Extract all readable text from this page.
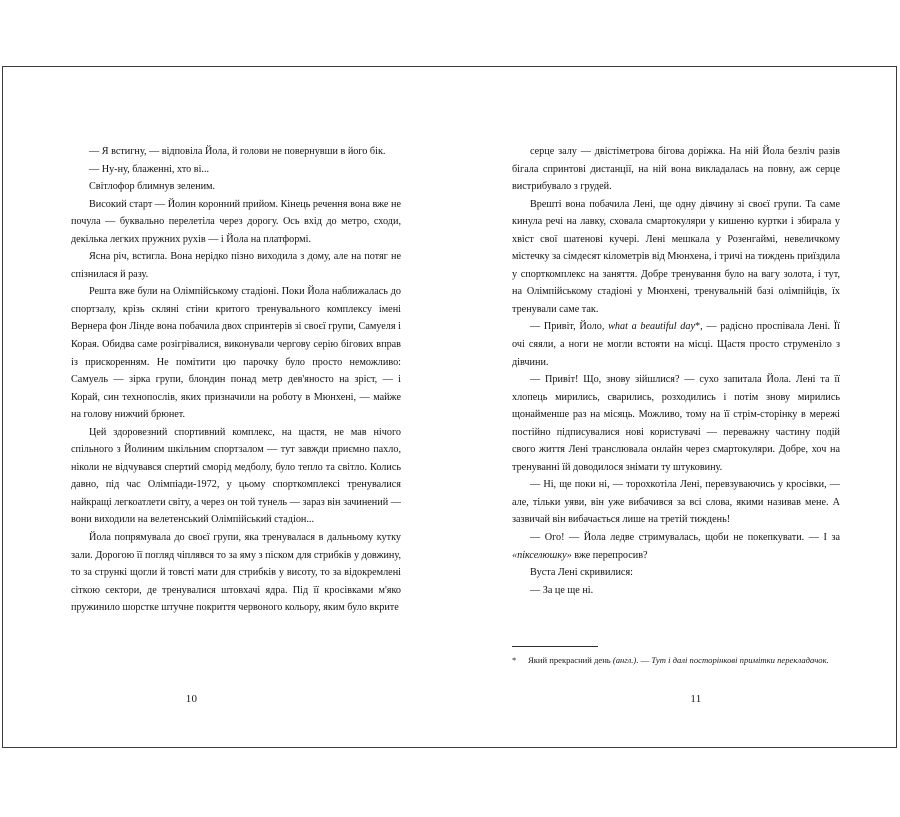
— Я встигну, — відповіла Йола, й голови не повернувши в його бік.

— Ну-ну, блаженні, хто ві...

Світлофор блимнув зеленим.

Високий старт — Йолин коронний прийом. Кінець речення вона вже не почула — буквально перелетіла через дорогу. Ось вхід до метро, сходи, декілька легких пружних рухів — і Йола на платформі.

Ясна річ, встигла. Вона нерідко пізно виходила з дому, але на потяг не спізнилася й разу.

Решта вже були на Олімпійському стадіоні. Поки Йола наближалась до спортзалу, крізь скляні стіни критого тренувального комплексу імені Вернера фон Лінде вона побачила двох спринтерів зі своєї групи, Самуеля і Корая. Обидва саме розігрівалися, виконували чергову серію бігових вправ із прискоренням. Не помітити цю парочку було просто неможливо: Самуель — зірка групи, блондин понад метр дев'яносто на зріст, — і Корай, син технопослів, яких призначили на роботу в Мюнхені, — майже на голову нижчий брюнет.

Цей здоровезний спортивний комплекс, на щастя, не мав нічого спільного з Йолиним шкільним спортзалом — тут завжди приємно пахло, ніколи не відчувався спертий сморід медболу, було тепло та світло. Колись давно, під час Олімпіади-1972, у цьому спорткомплексі тренувалися найкращі легкоатлети світу, а через он той тунель — зараз він зачинений — вони виходили на велетенський Олімпійський стадіон...

Йола попрямувала до своєї групи, яка тренувалася в дальньому кутку зали. Дорогою її погляд чіплявся то за яму з піском для стрибків у довжину, то за стрункі щогли й товсті мати для стрибків у висоту, то за відокремлені сіткою сектори, де тренувалися штовхачі ядра. Під її кросівками м'яко пружинило шорстке штучне покриття червоного кольору, яким було вкрите

10

серце залу — двістіметрова бігова доріжка. На ній Йола безліч разів бігала спринтові дистанції, на ній вона викладалась на повну, аж серце вистрибувало з грудей.

Врешті вона побачила Лені, ще одну дівчину зі своєї групи. Та саме кинула речі на лавку, сховала смартокуляри у кишеню куртки і збирала у хвіст свої шатенові кучері. Лені мешкала у Розенгаймі, невеличкому містечку за сімдесят кілометрів від Мюнхена, і тричі на тиждень приїздила у спорткомплекс на заняття. Добре тренування було на вагу золота, і тут, на Олімпійському стадіоні у Мюнхені, тренувальній базі олімпійців, їх тренували саме так.

— Привіт, Йоло, what a beautiful day*, — радісно проспівала Лені. Її очі сяяли, а ноги не могли встояти на місці. Щастя просто струменіло з дівчини.

— Привіт! Що, знову зійшлися? — сухо запитала Йола. Лені та її хлопець мирились, сварились, розходились і потім знову мирились щонайменше раз на місяць. Можливо, тому на її стрім-сторінку в мережі постійно підписувалися нові користувачі — переважну частину подій свого життя Лені транслювала онлайн через смартокуляри. Добре, хоч на тренуванні їй доводилося знімати ту штуковину.

— Ні, ще поки ні, — торохкотіла Лені, перевзуваючись у кросівки, — але, тільки уяви, він уже вибачився за всі слова, якими називав мене. А зазвичай він вибачається лише на третій тиждень!

— Ого! — Йола ледве стримувалась, щоби не покепкувати. — І за «пікселюшку» вже перепросив?

Вуста Лені скривилися:

— За це ще ні.

* Який прекрасний день (англ.). — Тут і далі посторінкові примітки перекладачок.
11
